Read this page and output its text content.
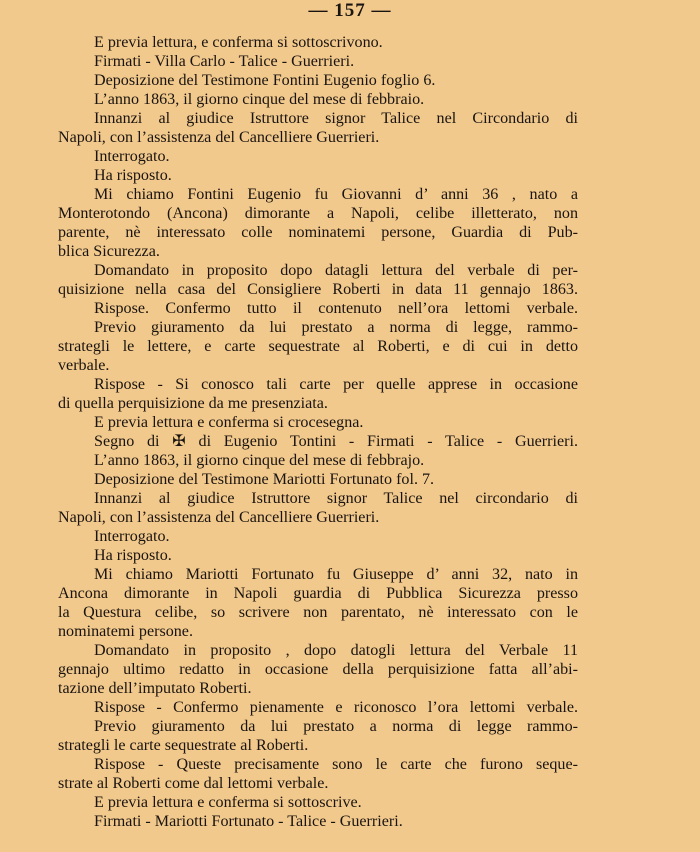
— 157 —
E previa lettura, e conferma si sottoscrivono.
Firmati - Villa Carlo - Talice - Guerrieri.
Deposizione del Testimone Fontini Eugenio foglio 6.
L’anno 1863, il giorno cinque del mese di febbraio.
Innanzi al giudice Istruttore signor Talice nel Circondario di
Napoli, con l’assistenza del Cancelliere Guerrieri.
Interrogato.
Ha risposto.
Mi chiamo Fontini Eugenio fu Giovanni d’ anni 36 , nato a
Monterotondo (Ancona) dimorante a Napoli, celibe illetterato, non
parente, nè interessato colle nominatemi persone, Guardia di Pub-
blica Sicurezza.
Domandato in proposito dopo datagli lettura del verbale di per-
quisizione nella casa del Consigliere Roberti in data 11 gennajo 1863.
Rispose. Confermo tutto il contenuto nell’ora lettomi verbale.
Previo giuramento da lui prestato a norma di legge, rammo-
strategli le lettere, e carte sequestrate al Roberti, e di cui in detto
verbale.
Rispose - Si conosco tali carte per quelle apprese in occasione
di quella perquisizione da me presenziata.
E previa lettura e conferma si crocesegna.
Segno di ✠ di Eugenio Tontini - Firmati - Talice - Guerrieri.
L’anno 1863, il giorno cinque del mese di febbrajo.
Deposizione del Testimone Mariotti Fortunato fol. 7.
Innanzi al giudice Istruttore signor Talice nel circondario di
Napoli, con l’assistenza del Cancelliere Guerrieri.
Interrogato.
Ha risposto.
Mi chiamo Mariotti Fortunato fu Giuseppe d’ anni 32, nato in
Ancona dimorante in Napoli guardia di Pubblica Sicurezza presso
la Questura celibe, so scrivere non parentato, nè interessato con le
nominatemi persone.
Domandato in proposito , dopo datogli lettura del Verbale 11
gennajo ultimo redatto in occasione della perquisizione fatta all’abi-
tazione dell’imputato Roberti.
Rispose - Confermo pienamente e riconosco l’ora lettomi verbale.
Previo giuramento da lui prestato a norma di legge rammo-
strategli le carte sequestrate al Roberti.
Rispose - Queste precisamente sono le carte che furono seque-
strate al Roberti come dal lettomi verbale.
E previa lettura e conferma si sottoscrive.
Firmati - Mariotti Fortunato - Talice - Guerrieri.
